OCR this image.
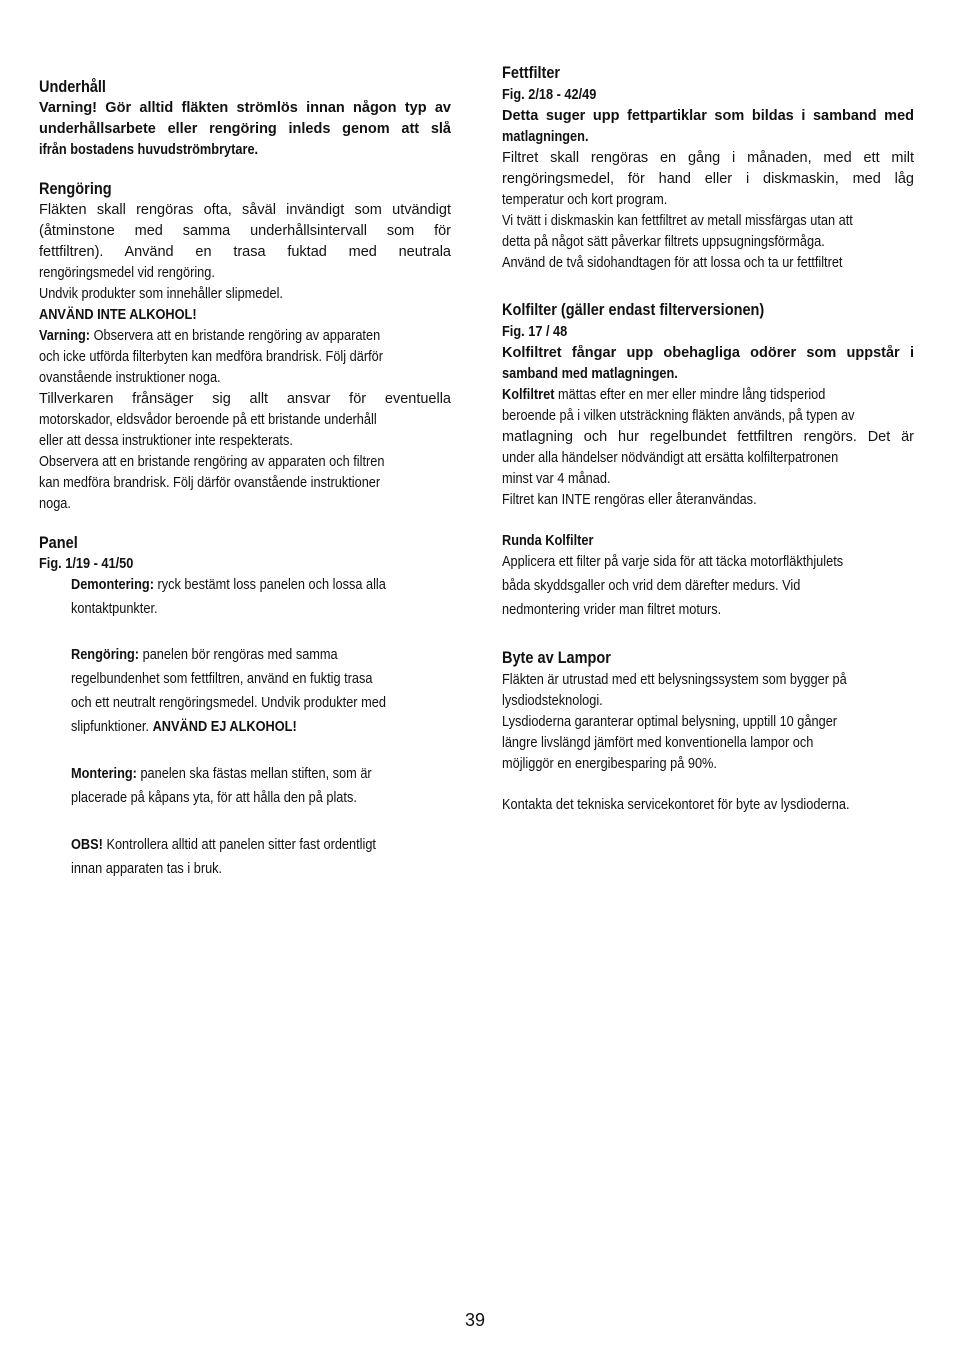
Underhåll
Varning! Gör alltid fläkten strömlös innan någon typ av
underhållsarbete eller rengöring inleds genom att slå
ifrån bostadens huvudströmbrytare.
Rengöring
Fläkten skall rengöras ofta, såväl invändigt som utvändigt
(åtminstone med samma underhållsintervall som för
fettfiltren). Använd en trasa fuktad med neutrala
rengöringsmedel vid rengöring.
Undvik produkter som innehåller slipmedel.
ANVÄND INTE ALKOHOL!
Varning: Observera att en bristande rengöring av apparaten
och icke utförda filterbyten kan medföra brandrisk. Följ därför
ovanstående instruktioner noga.
Tillverkaren frånsäger sig allt ansvar för eventuella
motorskador, eldsvådor beroende på ett bristande underhåll
eller att dessa instruktioner inte respekterats.
Observera att en bristande rengöring av apparaten och filtren
kan medföra brandrisk. Följ därför ovanstående instruktioner
noga.
Panel
Fig. 1/19 - 41/50
Demontering: ryck bestämt loss panelen och lossa alla
kontaktpunkter.
Rengöring: panelen bör rengöras med samma
regelbundenhet som fettfiltren, använd en fuktig trasa
och ett neutralt rengöringsmedel. Undvik produkter med
slipfunktioner. ANVÄND EJ ALKOHOL!
Montering: panelen ska fästas mellan stiften, som är
placerade på kåpans yta, för att hålla den på plats.
OBS! Kontrollera alltid att panelen sitter fast ordentligt
innan apparaten tas i bruk.
Fettfilter
Fig. 2/18 - 42/49
Detta suger upp fettpartiklar som bildas i samband med
matlagningen.
Filtret skall rengöras en gång i månaden, med ett milt
rengöringsmedel, för hand eller i diskmaskin, med låg
temperatur och kort program.
Vi tvätt i diskmaskin kan fettfiltret av metall missfärgas utan att
detta på något sätt påverkar filtrets uppsugningsförmåga.
Använd de två sidohandtagen för att lossa och ta ur fettfiltret
Kolfilter (gäller endast filterversionen)
Fig. 17 / 48
Kolfiltret fångar upp obehagliga odörer som uppstår i
samband med matlagningen.
Kolfiltret mättas efter en mer eller mindre lång tidsperiod
beroende på i vilken utsträckning fläkten används, på typen av
matlagning och hur regelbundet fettfiltren rengörs. Det är
under alla händelser nödvändigt att ersätta kolfilterpatronen
minst var 4 månad.
Filtret kan INTE rengöras eller återanvändas.
Runda Kolfilter
Applicera ett filter på varje sida för att täcka motorfläkthjulets
båda skyddsgaller och vrid dem därefter medurs. Vid
nedmontering vrider man filtret moturs.
Byte av Lampor
Fläkten är utrustad med ett belysningssystem som bygger på
lysdiodsteknologi.
Lysdioderna garanterar optimal belysning, upptill 10 gånger
längre livslängd jämfört med konventionella lampor och
möjliggör en energibesparing på 90%.
Kontakta det tekniska servicekontoret för byte av lysdioderna.
39
